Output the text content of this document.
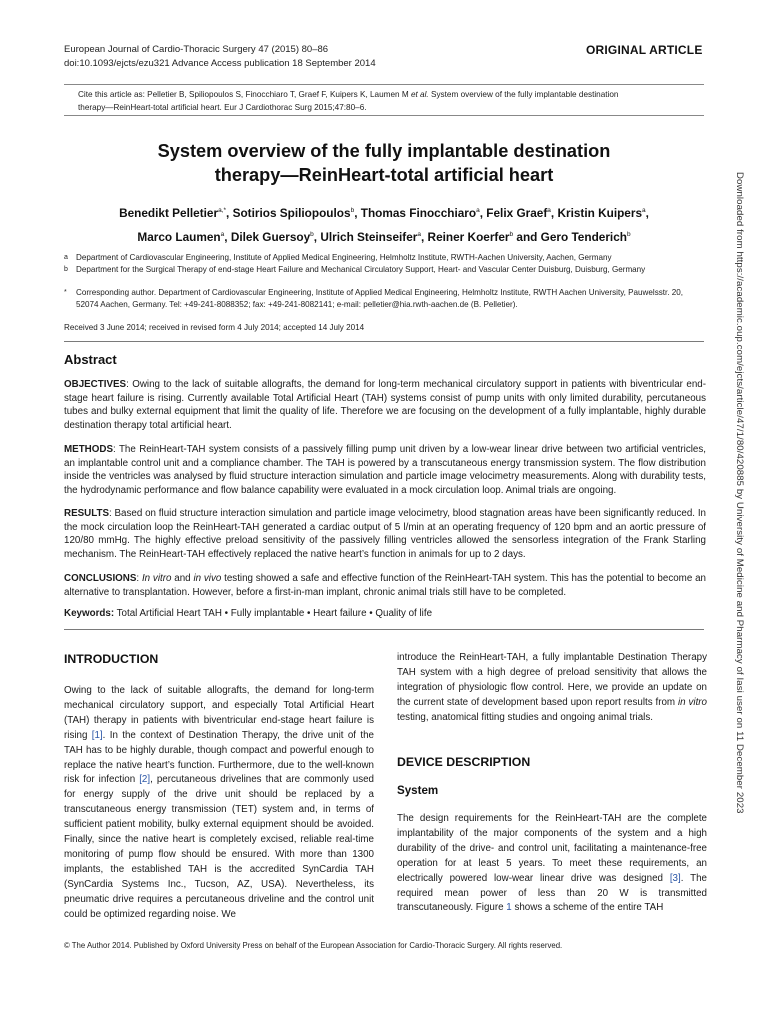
European Journal of Cardio-Thoracic Surgery 47 (2015) 80–86
doi:10.1093/ejcts/ezu321 Advance Access publication 18 September 2014
ORIGINAL ARTICLE
Cite this article as: Pelletier B, Spiliopoulos S, Finocchiaro T, Graef F, Kuipers K, Laumen M et al. System overview of the fully implantable destination
therapy—ReinHeart-total artificial heart. Eur J Cardiothorac Surg 2015;47:80–6.
System overview of the fully implantable destination
therapy—ReinHeart-total artificial heart
Benedikt Pelletier$^{a,*}$, Sotirios Spiliopoulos$^b$, Thomas Finocchiaro$^a$, Felix Graef$^a$, Kristin Kuipers$^a$,
Marco Laumen$^a$, Dilek Guersoy$^b$, Ulrich Steinseifer$^a$, Reiner Koerfer$^b$ and Gero Tenderich$^b$
a Department of Cardiovascular Engineering, Institute of Applied Medical Engineering, Helmholtz Institute, RWTH-Aachen University, Aachen, Germany
b Department for the Surgical Therapy of end-stage Heart Failure and Mechanical Circulatory Support, Heart- and Vascular Center Duisburg, Duisburg, Germany
* Corresponding author. Department of Cardiovascular Engineering, Institute of Applied Medical Engineering, Helmholtz Institute, RWTH Aachen University, Pauwelsstr. 20, 52074 Aachen, Germany. Tel: +49-241-8088352; fax: +49-241-8082141; e-mail: pelletier@hia.rwth-aachen.de (B. Pelletier).
Received 3 June 2014; received in revised form 4 July 2014; accepted 14 July 2014
Abstract
OBJECTIVES: Owing to the lack of suitable allografts, the demand for long-term mechanical circulatory support in patients with biventricular end-stage heart failure is rising. Currently available Total Artificial Heart (TAH) systems consist of pump units with only limited durability, percutaneous tubes and bulky external equipment that limit the quality of life. Therefore we are focusing on the development of a fully implantable, highly durable destination therapy total artificial heart.
METHODS: The ReinHeart-TAH system consists of a passively filling pump unit driven by a low-wear linear drive between two artificial ventricles, an implantable control unit and a compliance chamber. The TAH is powered by a transcutaneous energy transmission system. The flow distribution inside the ventricles was analysed by fluid structure interaction simulation and particle image velocimetry measurements. Along with durability tests, the hydrodynamic performance and flow balance capability were evaluated in a mock circulation loop. Animal trials are ongoing.
RESULTS: Based on fluid structure interaction simulation and particle image velocimetry, blood stagnation areas have been significantly reduced. In the mock circulation loop the ReinHeart-TAH generated a cardiac output of 5 l/min at an operating frequency of 120 bpm and an aortic pressure of 120/80 mmHg. The highly effective preload sensitivity of the passively filling ventricles allowed the sensorless integration of the Frank Starling mechanism. The ReinHeart-TAH effectively replaced the native heart’s function in animals for up to 2 days.
CONCLUSIONS: In vitro and in vivo testing showed a safe and effective function of the ReinHeart-TAH system. This has the potential to become an alternative to transplantation. However, before a first-in-man implant, chronic animal trials still have to be completed.
Keywords: Total Artificial Heart TAH • Fully implantable • Heart failure • Quality of life
INTRODUCTION
Owing to the lack of suitable allografts, the demand for long-term mechanical circulatory support, and especially Total Artificial Heart (TAH) therapy in patients with biventricular end-stage heart failure is rising [1]. In the context of Destination Therapy, the drive unit of the TAH has to be highly durable, though compact and powerful enough to replace the native heart’s function. Furthermore, due to the well-known risk for infection [2], percutaneous drivelines that are commonly used for energy supply of the drive unit should be replaced by a transcutaneous energy transmission (TET) system and, in terms of sufficient patient mobility, bulky external equipment should be avoided. Finally, since the native heart is completely excised, reliable real-time monitoring of pump flow should be ensured. With more than 1300 implants, the established TAH is the accredited SynCardia TAH (SynCardia Systems Inc., Tucson, AZ, USA). Nevertheless, its pneumatic drive requires a percutaneous driveline and the control unit could be optimized regarding noise. We
introduce the ReinHeart-TAH, a fully implantable Destination Therapy TAH system with a high degree of preload sensitivity that allows the integration of physiologic flow control. Here, we provide an update on the current state of development based upon report results from in vitro testing, anatomical fitting studies and ongoing animal trials.
DEVICE DESCRIPTION
System
The design requirements for the ReinHeart-TAH are the complete implantability of the major components of the system and a high durability of the drive- and control unit, facilitating a maintenance-free operation for at least 5 years. To meet these requirements, an electrically powered low-wear linear drive was designed [3]. The required mean power of less than 20 W is transmitted transcutaneously. Figure 1 shows a scheme of the entire TAH
© The Author 2014. Published by Oxford University Press on behalf of the European Association for Cardio-Thoracic Surgery. All rights reserved.
Downloaded from https://academic.oup.com/ejcts/article/47/1/80/420885 by University of Medicine and Pharmacy of Iasi user on 11 December 2023
